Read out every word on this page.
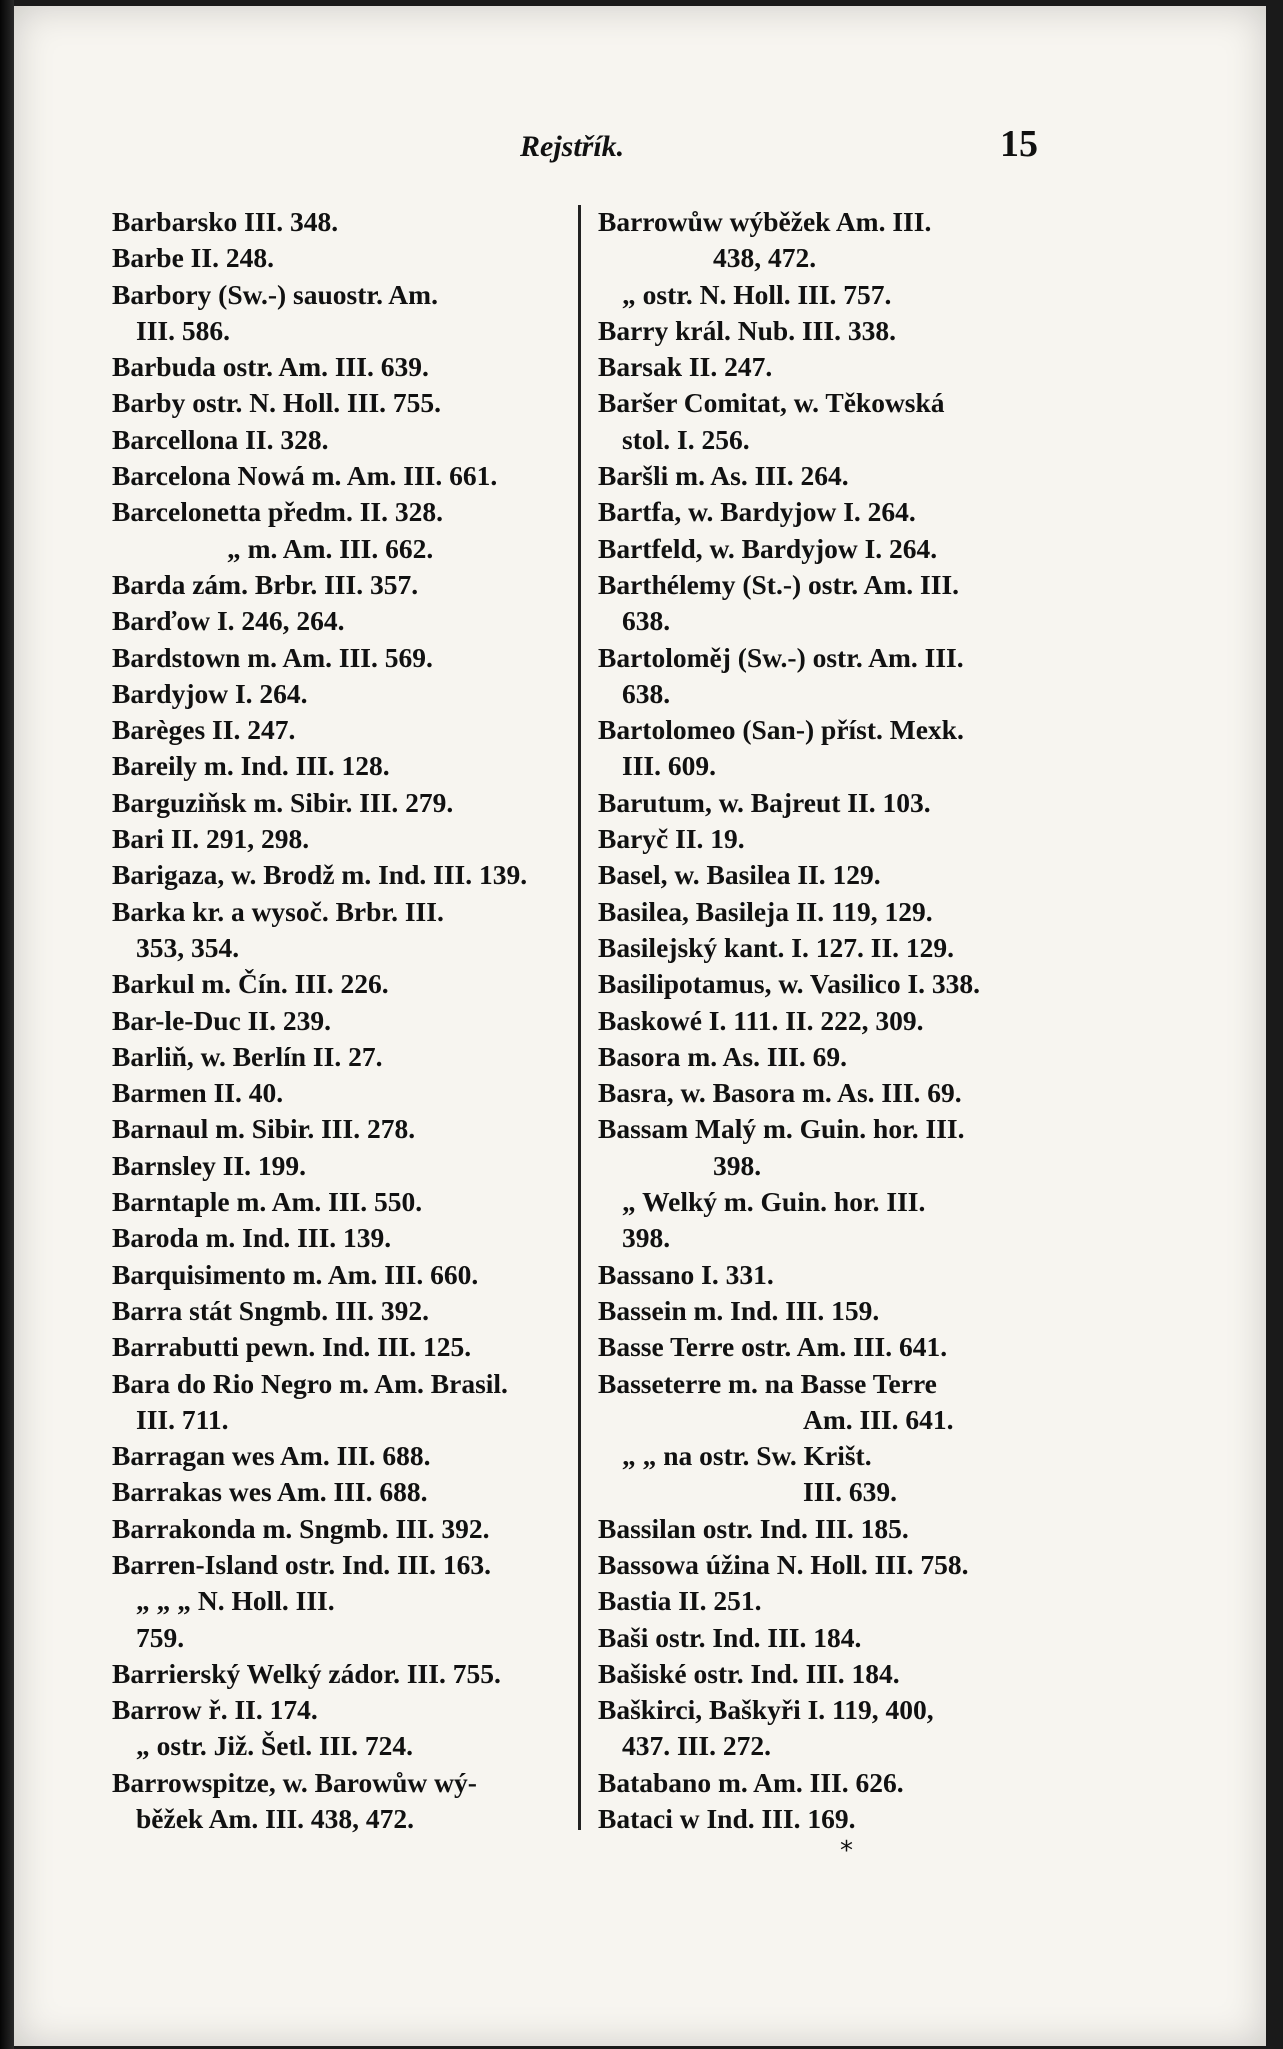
Rejstřík.	15
Barbarsko III. 348.
Barbe II. 248.
Barbory (Sw.-) sauostr. Am.
III. 586.
Barbuda ostr. Am. III. 639.
Barby ostr. N. Holl. III. 755.
Barcellona II. 328.
Barcelona Nowá m. Am. III. 661.
Barcelonetta předm. II. 328.
„ m. Am. III. 662.
Barda zám. Brbr. III. 357.
Barďow I. 246, 264.
Bardstown m. Am. III. 569.
Bardyjow I. 264.
Barèges II. 247.
Bareily m. Ind. III. 128.
Barguziňsk m. Sibir. III. 279.
Bari II. 291, 298.
Barigaza, w. Brodž m. Ind. III. 139.
Barka kr. a wysoč. Brbr. III.
353, 354.
Barkul m. Čín. III. 226.
Bar-le-Duc II. 239.
Barliň, w. Berlín II. 27.
Barmen II. 40.
Barnaul m. Sibir. III. 278.
Barnsley II. 199.
Barntaple m. Am. III. 550.
Baroda m. Ind. III. 139.
Barquisimento m. Am. III. 660.
Barra stát Sngmb. III. 392.
Barrabutti pewn. Ind. III. 125.
Bara do Rio Negro m. Am. Brasil.
III. 711.
Barragan wes Am. III. 688.
Barrakas wes Am. III. 688.
Barrakonda m. Sngmb. III. 392.
Barren-Island ostr. Ind. III. 163.
„ „ „ N. Holl. III.
759.
Barrierský Welký zádor. III. 755.
Barrow ř. II. 174.
„ ostr. Již. Šetl. III. 724.
Barrowspitze, w. Barowůw wý-
běžek Am. III. 438, 472.
Barrowůw wýběžek Am. III.
438, 472.
„ ostr. N. Holl. III. 757.
Barry král. Nub. III. 338.
Barsak II. 247.
Baršer Comitat, w. Těkowská
stol. I. 256.
Baršli m. As. III. 264.
Bartfa, w. Bardyjow I. 264.
Bartfeld, w. Bardyjow I. 264.
Barthélemy (St.-) ostr. Am. III.
638.
Bartoloměj (Sw.-) ostr. Am. III.
638.
Bartolomeo (San-) příst. Mexk.
III. 609.
Barutum, w. Bajreut II. 103.
Baryč II. 19.
Basel, w. Basilea II. 129.
Basilea, Basileja II. 119, 129.
Basilejský kant. I. 127. II. 129.
Basilipotamus, w. Vasilico I. 338.
Baskowé I. 111. II. 222, 309.
Basora m. As. III. 69.
Basra, w. Basora m. As. III. 69.
Bassam Malý m. Guin. hor. III.
398.
„ Welký m. Guin. hor. III.
398.
Bassano I. 331.
Bassein m. Ind. III. 159.
Basse Terre ostr. Am. III. 641.
Basseterre m. na Basse Terre
Am. III. 641.
„ „ na ostr. Sw. Krišt.
III. 639.
Bassilan ostr. Ind. III. 185.
Bassowa úžina N. Holl. III. 758.
Bastia II. 251.
Baši ostr. Ind. III. 184.
Bašiské ostr. Ind. III. 184.
Baškirci, Baškyři I. 119, 400,
437. III. 272.
Batabano m. Am. III. 626.
Bataci w Ind. III. 169.
*
